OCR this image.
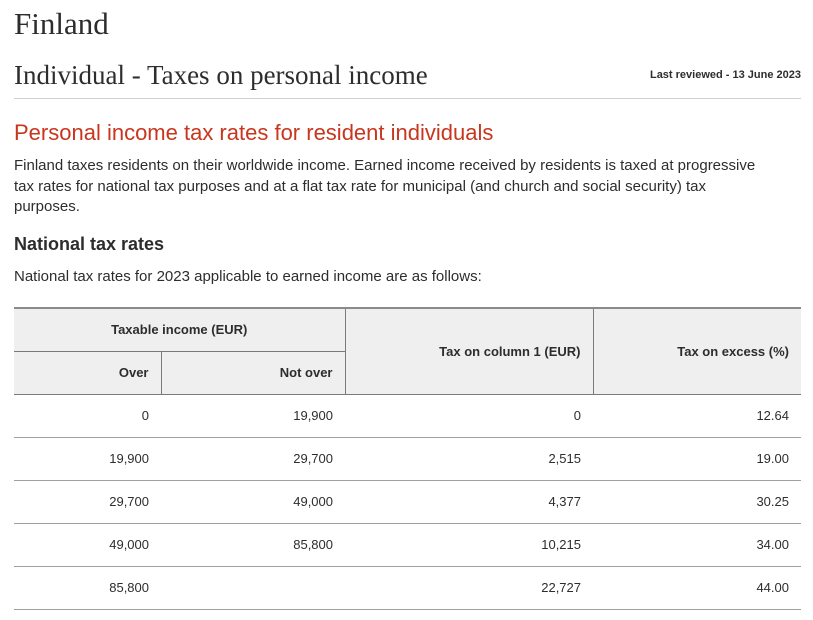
Finland
Individual - Taxes on personal income	Last reviewed - 13 June 2023
Personal income tax rates for resident individuals

Finland taxes residents on their worldwide income. Earned income received by residents is taxed at progressive tax rates for national tax purposes and at a flat tax rate for municipal (and church and social security) tax purposes.

National tax rates

National tax rates for 2023 applicable to earned income are as follows:

Taxable income (EUR)		Tax on column 1 (EUR)	Tax on excess (%)
Over	Not over		
0	19,900	0	12.64
19,900	29,700	2,515	19.00
29,700	49,000	4,377	30.25
49,000	85,800	10,215	34.00
85,800		22,727	44.00
